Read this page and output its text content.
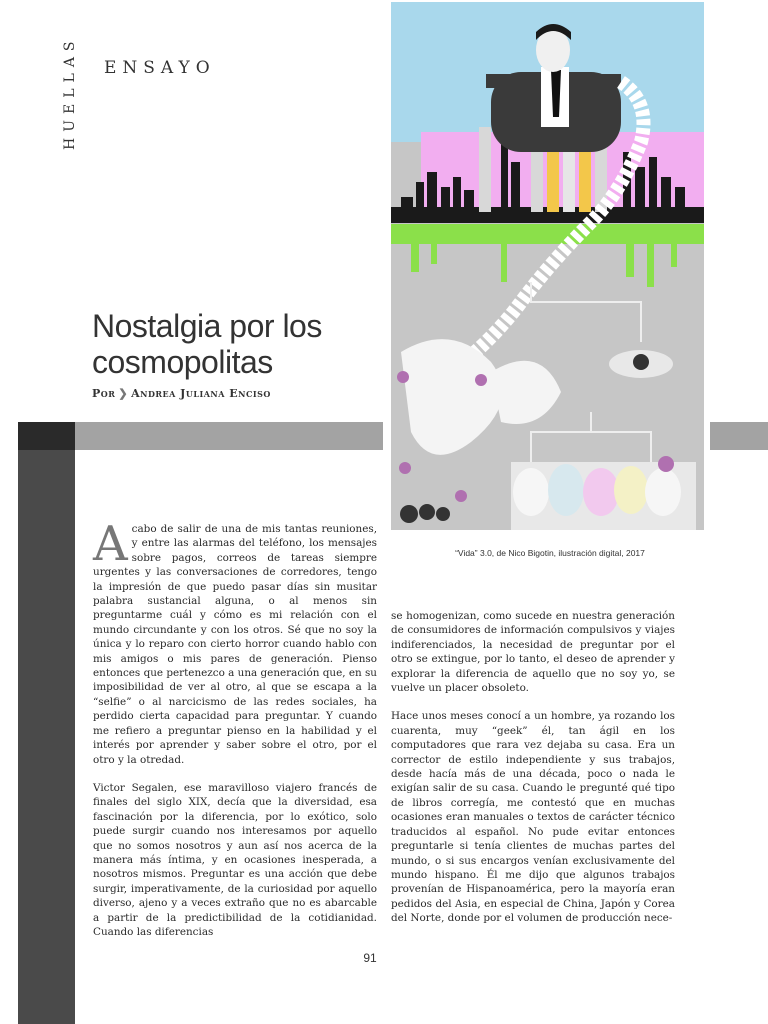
HUELLAS ENSAYO
Nostalgia por los cosmopolitas
Por ❯ Andrea Juliana Enciso
“Vida” 3.0, de Nico Bigotin, ilustración digital, 2017

Acabo de salir de una de mis tantas reuniones, y entre las alarmas del teléfono, los mensajes sobre pagos, correos de tareas siempre urgentes y las conversaciones de corredores, tengo la impresión de que puedo pasar días sin musitar palabra sustancial alguna, o al menos sin preguntarme cuál y cómo es mi relación con el mundo circundante y con los otros. Sé que no soy la única y lo reparo con cierto horror cuando hablo con mis amigos o mis pares de generación. Pienso entonces que pertenezco a una generación que, en su imposibilidad de ver al otro, al que se escapa a la “selfie” o al narcicismo de las redes sociales, ha perdido cierta capacidad para preguntar. Y cuando me refiero a preguntar pienso en la habilidad y el interés por aprender y saber sobre el otro, por el otro y la otredad.

Victor Segalen, ese maravilloso viajero francés de finales del siglo XIX, decía que la diversidad, esa fascinación por la diferencia, por lo exótico, solo puede surgir cuando nos interesamos por aquello que no somos nosotros y aun así nos acerca de la manera más íntima, y en ocasiones inesperada, a nosotros mismos. Preguntar es una acción que debe surgir, imperativamente, de la curiosidad por aquello diverso, ajeno y a veces extraño que no es abarcable a partir de la predictibilidad de la cotidianidad. Cuando las diferencias

se homogenizan, como sucede en nuestra generación de consumidores de información compulsivos y viajes indiferenciados, la necesidad de preguntar por el otro se extingue, por lo tanto, el deseo de aprender y explorar la diferencia de aquello que no soy yo, se vuelve un placer obsoleto.

Hace unos meses conocí a un hombre, ya rozando los cuarenta, muy “geek” él, tan ágil en los computadores que rara vez dejaba su casa. Era un corrector de estilo independiente y sus trabajos, desde hacía más de una década, poco o nada le exigían salir de su casa. Cuando le pregunté qué tipo de libros corregía, me contestó que en muchas ocasiones eran manuales o textos de carácter técnico traducidos al español. No pude evitar entonces preguntarle si tenía clientes de muchas partes del mundo, o si sus encargos venían exclusivamente del mundo hispano. Él me dijo que algunos trabajos provenían de Hispanoamérica, pero la mayoría eran pedidos del Asia, en especial de China, Japón y Corea del Norte, donde por el volumen de producción nece-

91
